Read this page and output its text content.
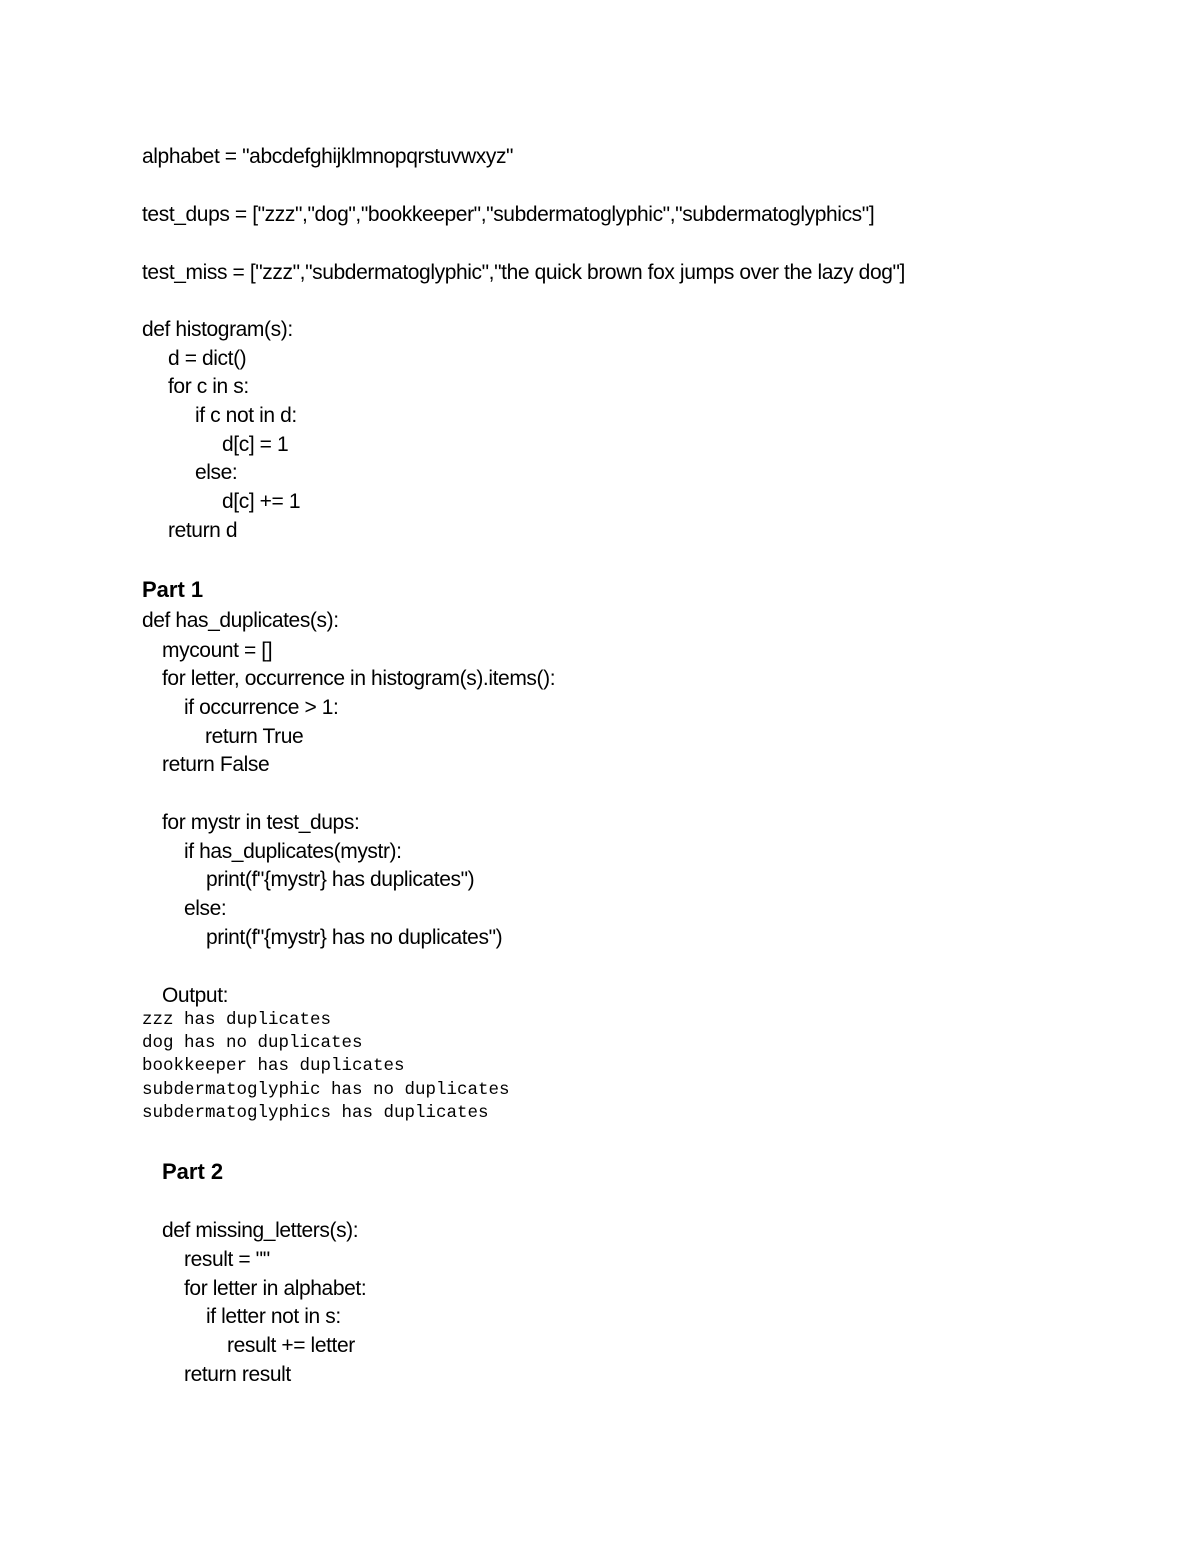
alphabet = "abcdefghijklmnopqrstuvwxyz"

test_dups = ["zzz","dog","bookkeeper","subdermatoglyphic","subdermatoglyphics"]

test_miss = ["zzz","subdermatoglyphic","the quick brown fox jumps over the lazy dog"]

def histogram(s):

d = dict()

for c in s:

if c not in d:

d[c] = 1

else:

d[c] += 1

return d

Part 1

def has_duplicates(s):

mycount = []

for letter, occurrence in histogram(s).items():

if occurrence > 1:

return True

return False

for mystr in test_dups:

if has_duplicates(mystr):

print(f"{mystr} has duplicates")

else:

print(f"{mystr} has no duplicates")

Output:

zzz has duplicates

dog has no duplicates

bookkeeper has duplicates

subdermatoglyphic has no duplicates

subdermatoglyphics has duplicates

Part 2

def missing_letters(s):

result = ""

for letter in alphabet:

if letter not in s:

result += letter

return result
